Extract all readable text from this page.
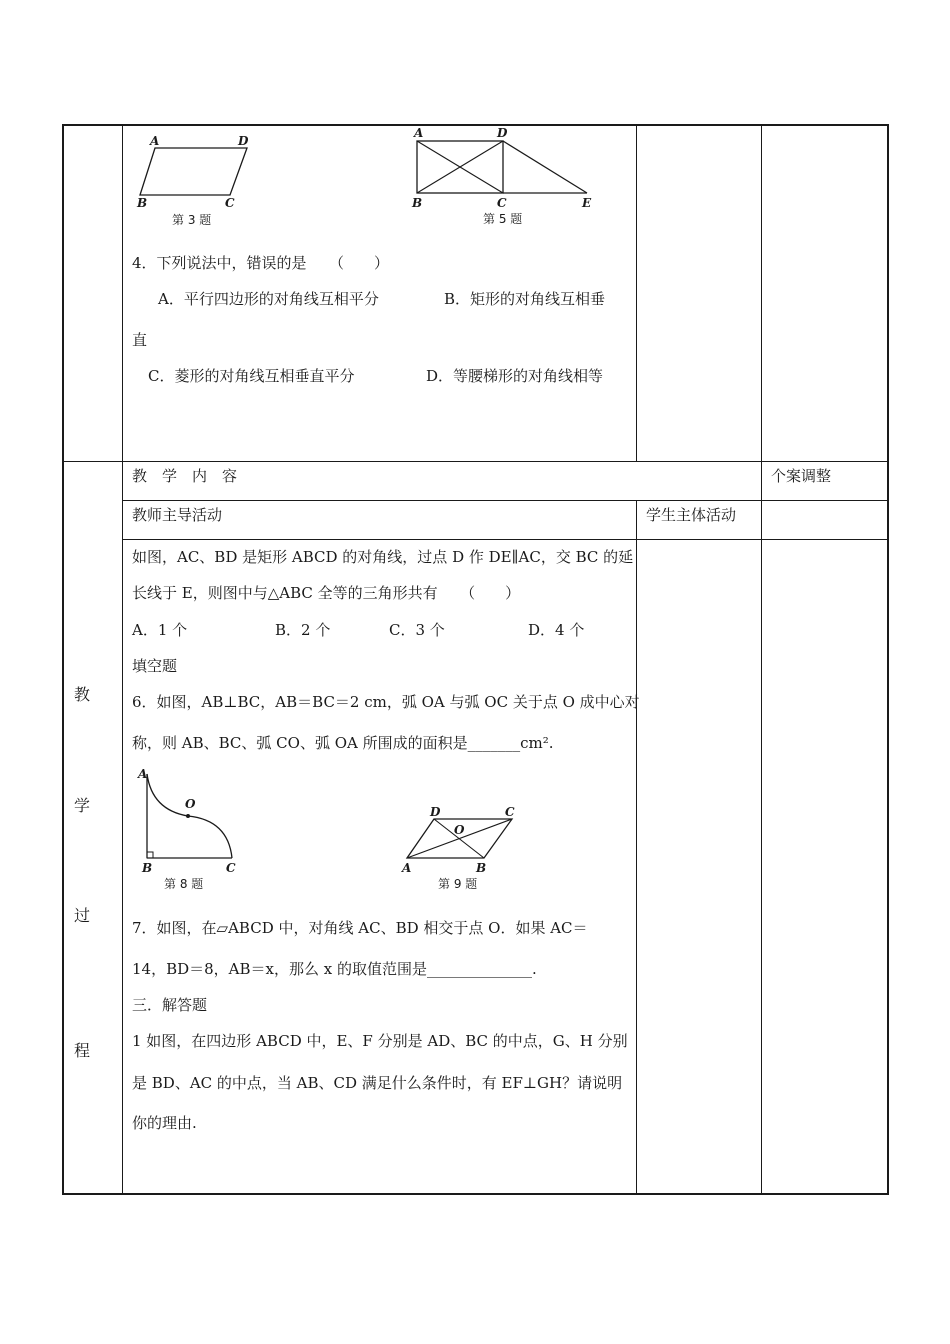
A	D
B	C
第 3 题
A	D
B	C	E
第 5 题
4．下列说法中，错误的是　　（　　）
A．平行四边形的对角线互相平分	B．矩形的对角线互相垂
直
C．菱形的对角线互相垂直平分	D．等腰梯形的对角线相等
教　学　内　容	个案调整
教师主导活动	学生主体活动
教
学
过
程
如图，AC、BD 是矩形 ABCD 的对角线，过点 D 作 DE∥AC，交 BC 的延
长线于 E，则图中与△ABC 全等的三角形共有　　（　　）
A．1 个	B．2 个	C．3 个	D．4 个
填空题
6．如图，AB⊥BC，AB＝BC＝2 cm，弧 OA 与弧 OC 关于点 O 成中心对
称，则 AB、BC、弧 CO、弧 OA 所围成的面积是_______cm².
A
O
B	C
第 8 题
D	C
O
A	B
第 9 题
7．如图，在▱ABCD 中，对角线 AC、BD 相交于点 O．如果 AC＝
14，BD＝8，AB＝x，那么 x 的取值范围是______________.
三．解答题
1 如图，在四边形 ABCD 中，E、F 分别是 AD、BC 的中点，G、H 分别
是 BD、AC 的中点，当 AB、CD 满足什么条件时，有 EF⊥GH？请说明
你的理由.
